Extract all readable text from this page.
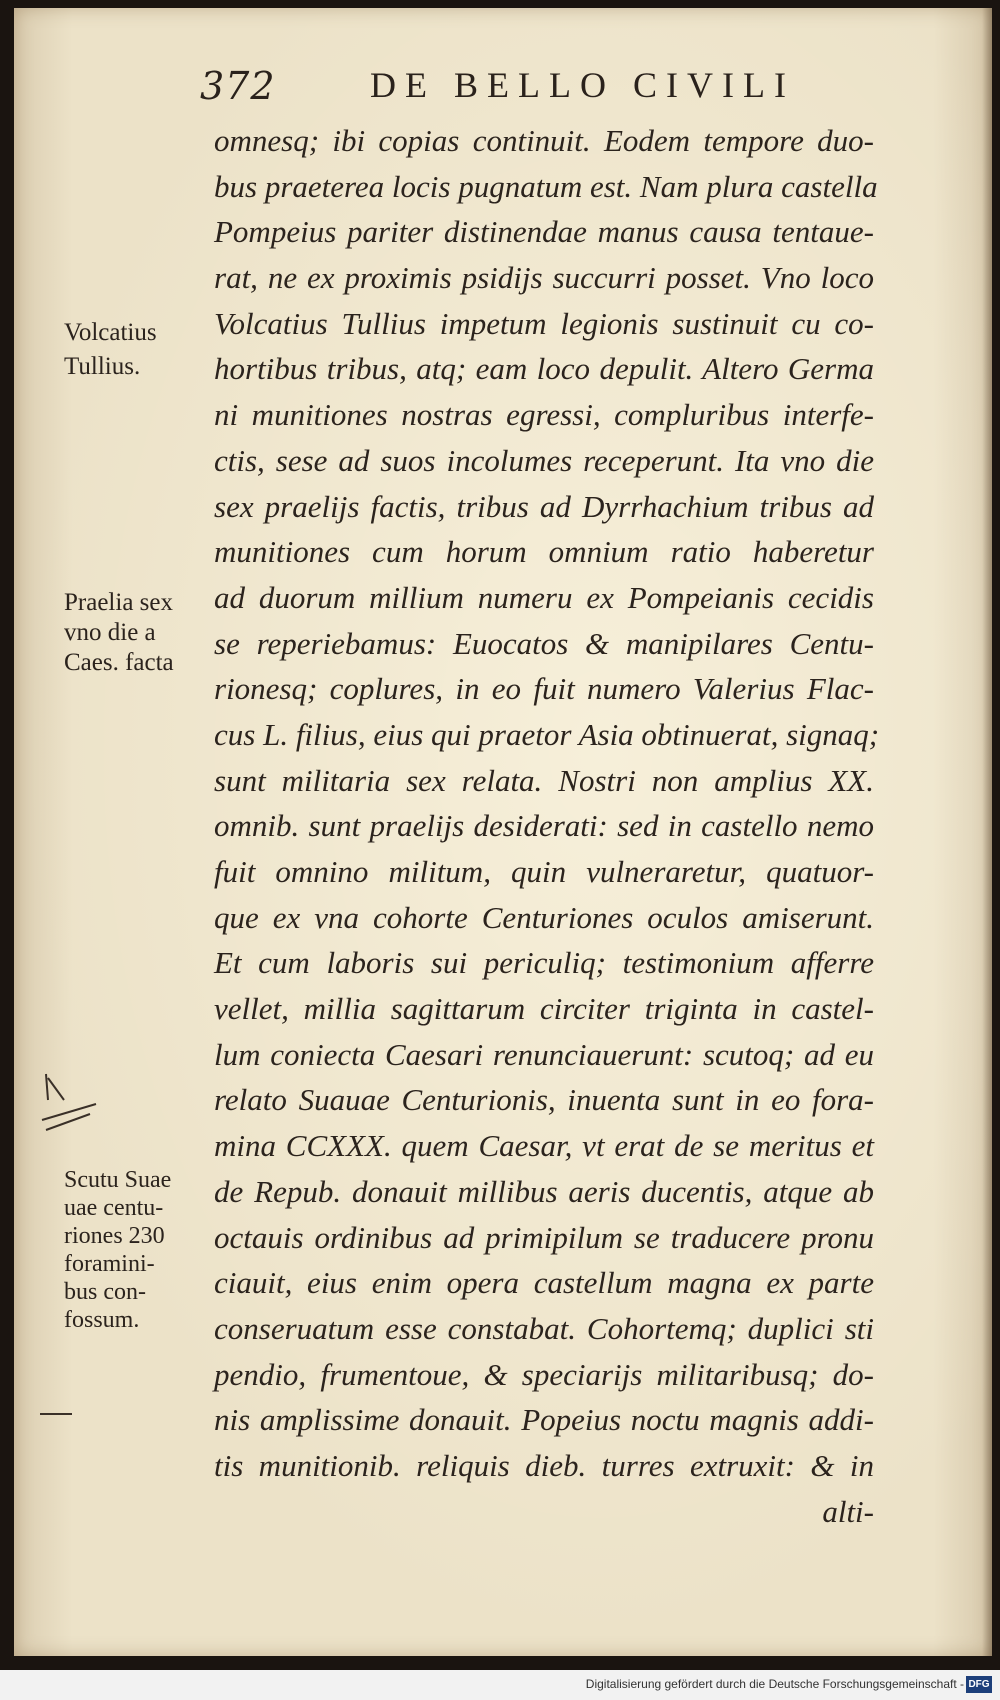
372	DE BELLO CIVILI
omnesq; ibi copias continuit. Eodem tempore duo-
bus praeterea locis pugnatum est. Nam plura castella
Pompeius pariter distinendae manus causa tentaue-
rat, ne ex proximis psidijs succurri posset. Vno loco
Volcatius Tullius impetum legionis sustinuit cu co-
hortibus tribus, atq; eam loco depulit. Altero Germa
ni munitiones nostras egressi, compluribus interfe-
ctis, sese ad suos incolumes receperunt. Ita vno die
sex praelijs factis, tribus ad Dyrrhachium tribus ad
munitiones cum horum omnium ratio haberetur
ad duorum millium numeru ex Pompeianis cecidis
se reperiebamus: Euocatos & manipilares Centu-
rionesq; coplures, in eo fuit numero Valerius Flac-
cus L. filius, eius qui praetor Asia obtinuerat, signaq;
sunt militaria sex relata. Nostri non amplius XX.
omnib. sunt praelijs desiderati: sed in castello nemo
fuit omnino militum, quin vulneraretur, quatuor-
que ex vna cohorte Centuriones oculos amiserunt.
Et cum laboris sui periculiq; testimonium afferre
vellet, millia sagittarum circiter triginta in castel-
lum coniecta Caesari renunciauerunt: scutoq; ad eu
relato Suauae Centurionis, inuenta sunt in eo fora-
mina CCXXX. quem Caesar, vt erat de se meritus et
de Repub. donauit millibus aeris ducentis, atque ab
octauis ordinibus ad primipilum se traducere pronu
ciauit, eius enim opera castellum magna ex parte
conseruatum esse constabat. Cohortemq; duplici sti
pendio, frumentoue, & speciarijs militaribusq; do-
nis amplissime donauit. Popeius noctu magnis addi-
tis munitionib. reliquis dieb. turres extruxit: & in
alti-
Volcatius
Tullius.
Praelia sex
vno die a
Caes. facta
Scutu Suae
uae centu-
riones 230
foramini-
bus con-
fossum.
Digitalisierung gefördert durch die Deutsche Forschungsgemeinschaft - DFG
